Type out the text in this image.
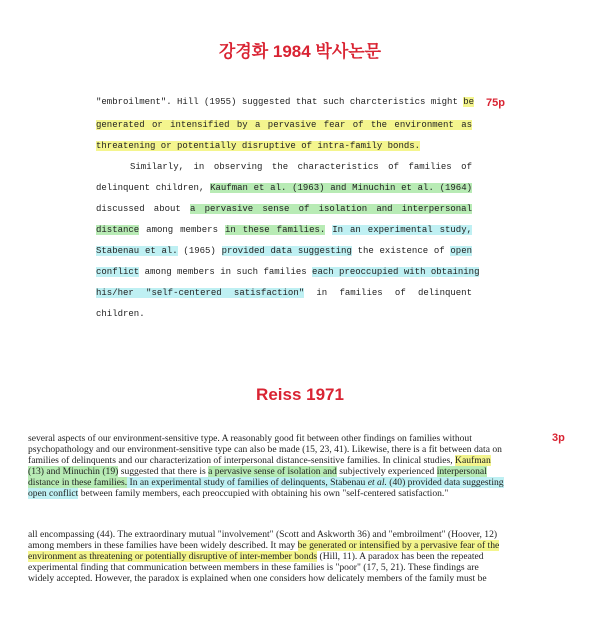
강경화 1984 박사논문
75p
"embroilment". Hill (1955) suggested that such charcteristics might be
generated or intensified by a pervasive fear of the environment as
threatening or potentially disruptive of intra-family bonds.
Similarly, in observing the characteristics of families of
delinquent children, Kaufman et al. (1963) and Minuchin et al. (1964)
discussed about a pervasive sense of isolation and interpersonal
distance among members in these families. In an experimental study,
Stabenau et al. (1965) provided data suggesting the existence of open
conflict among members in such families each preoccupied with obtaining
his/her "self-centered satisfaction" in families of delinquent
children.
Reiss 1971
3p
several aspects of our environment-sensitive type. A reasonably good fit between other findings on families without
psychopathology and our environment-sensitive type can also be made (15, 23, 41). Likewise, there is a fit between data on
families of delinquents and our characterization of interpersonal distance-sensitive families. In clinical studies, Kaufman
(13) and Minuchin (19) suggested that there is a pervasive sense of isolation and subjectively experienced interpersonal
distance in these families. In an experimental study of families of delinquents, Stabenau et al. (40) provided data suggesting
open conflict between family members, each preoccupied with obtaining his own "self-centered satisfaction."
all encompassing (44). The extraordinary mutual "involvement" (Scott and Askworth 36) and "embroilment" (Hoover, 12)
among members in these families have been widely described. It may be generated or intensified by a pervasive fear of the
environment as threatening or potentially disruptive of inter-member bonds (Hill, 11). A paradox has been the repeated
experimental finding that communication between members in these families is "poor" (17, 5, 21). These findings are
widely accepted. However, the paradox is explained when one considers how delicately members of the family must be
